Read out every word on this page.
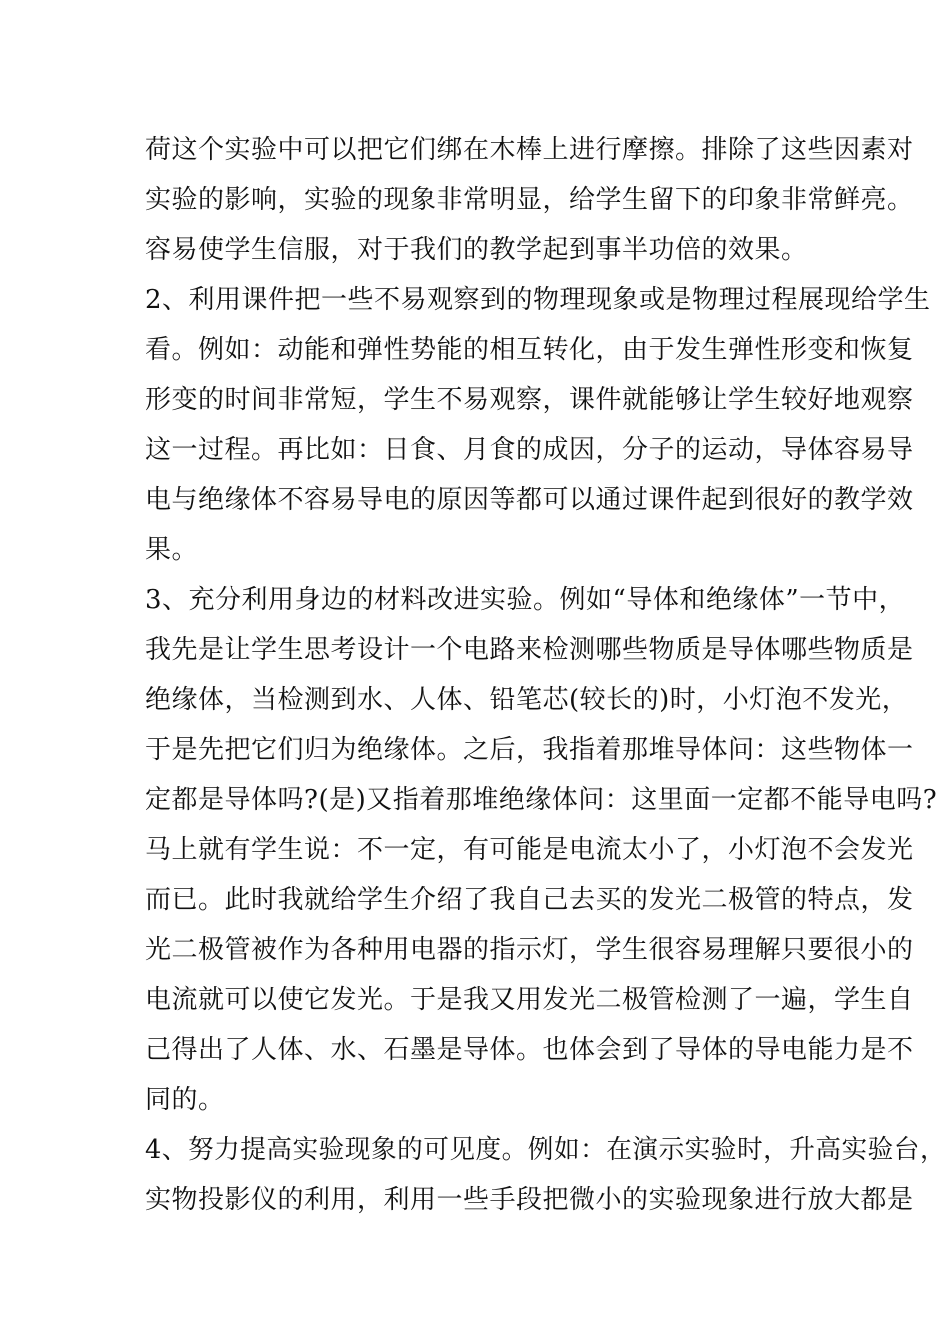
荷这个实验中可以把它们绑在木棒上进行摩擦。排除了这些因素对
实验的影响，实验的现象非常明显，给学生留下的印象非常鲜亮。
容易使学生信服，对于我们的教学起到事半功倍的效果。
2、利用课件把一些不易观察到的物理现象或是物理过程展现给学生
看。例如：动能和弹性势能的相互转化，由于发生弹性形变和恢复
形变的时间非常短，学生不易观察，课件就能够让学生较好地观察
这一过程。再比如：日食、月食的成因，分子的运动，导体容易导
电与绝缘体不容易导电的原因等都可以通过课件起到很好的教学效
果。
3、充分利用身边的材料改进实验。例如“导体和绝缘体”一节中，
我先是让学生思考设计一个电路来检测哪些物质是导体哪些物质是
绝缘体，当检测到水、人体、铅笔芯(较长的)时，小灯泡不发光，
于是先把它们归为绝缘体。之后，我指着那堆导体问：这些物体一
定都是导体吗?(是)又指着那堆绝缘体问：这里面一定都不能导电吗?
马上就有学生说：不一定，有可能是电流太小了，小灯泡不会发光
而已。此时我就给学生介绍了我自己去买的发光二极管的特点，发
光二极管被作为各种用电器的指示灯，学生很容易理解只要很小的
电流就可以使它发光。于是我又用发光二极管检测了一遍，学生自
己得出了人体、水、石墨是导体。也体会到了导体的导电能力是不
同的。
4、努力提高实验现象的可见度。例如：在演示实验时，升高实验台，
实物投影仪的利用，利用一些手段把微小的实验现象进行放大都是
